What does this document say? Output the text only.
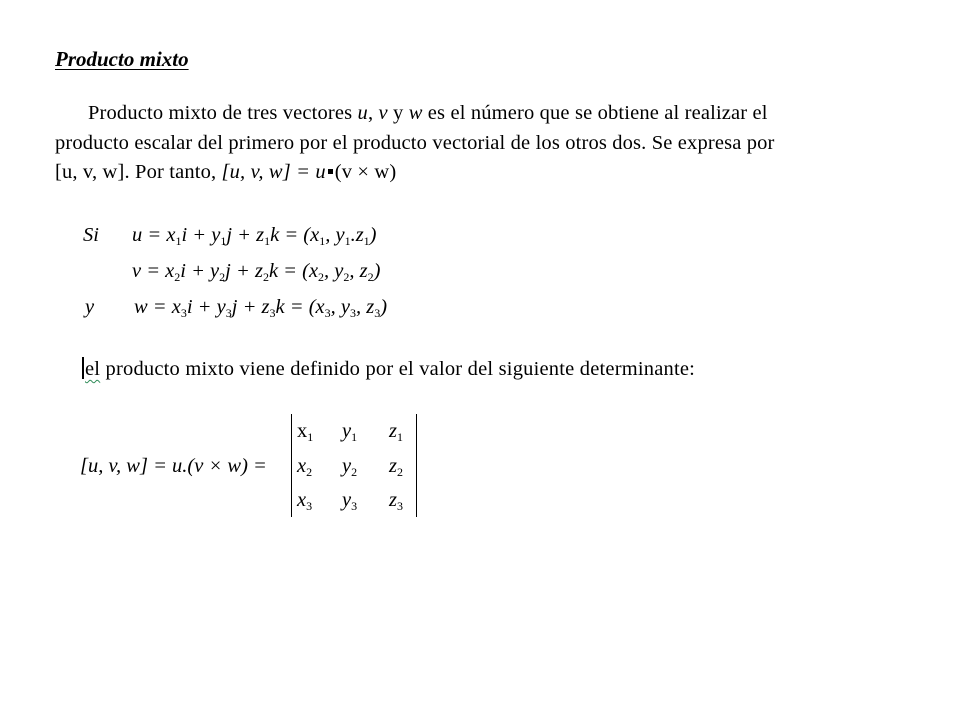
Producto mixto
Producto mixto de tres vectores u, v y w es el número que se obtiene al realizar el
producto escalar del primero por el producto vectorial de los otros dos. Se expresa por
[u, v, w]. Por tanto, [u, v, w] = u (v × w)
Si $u = x_1i + y_1j + z_1k = (x_1$, $y_1.z_1$)
$v = x_2i + y_2j + z_2k = (x_2$, $y_2$, $z_2$)
y $w = x_3i + y_3j + z_3k = (x_3$, $y_3$, $z_3$)
el producto mixto viene definido por el valor del siguiente determinante:
[u, v, w] = u.(v × w) =
$x_1$ $y_1$ $z_1$
$x_2$ $y_2$ $z_2$
$x_3$ $y_3$ $z_3$
